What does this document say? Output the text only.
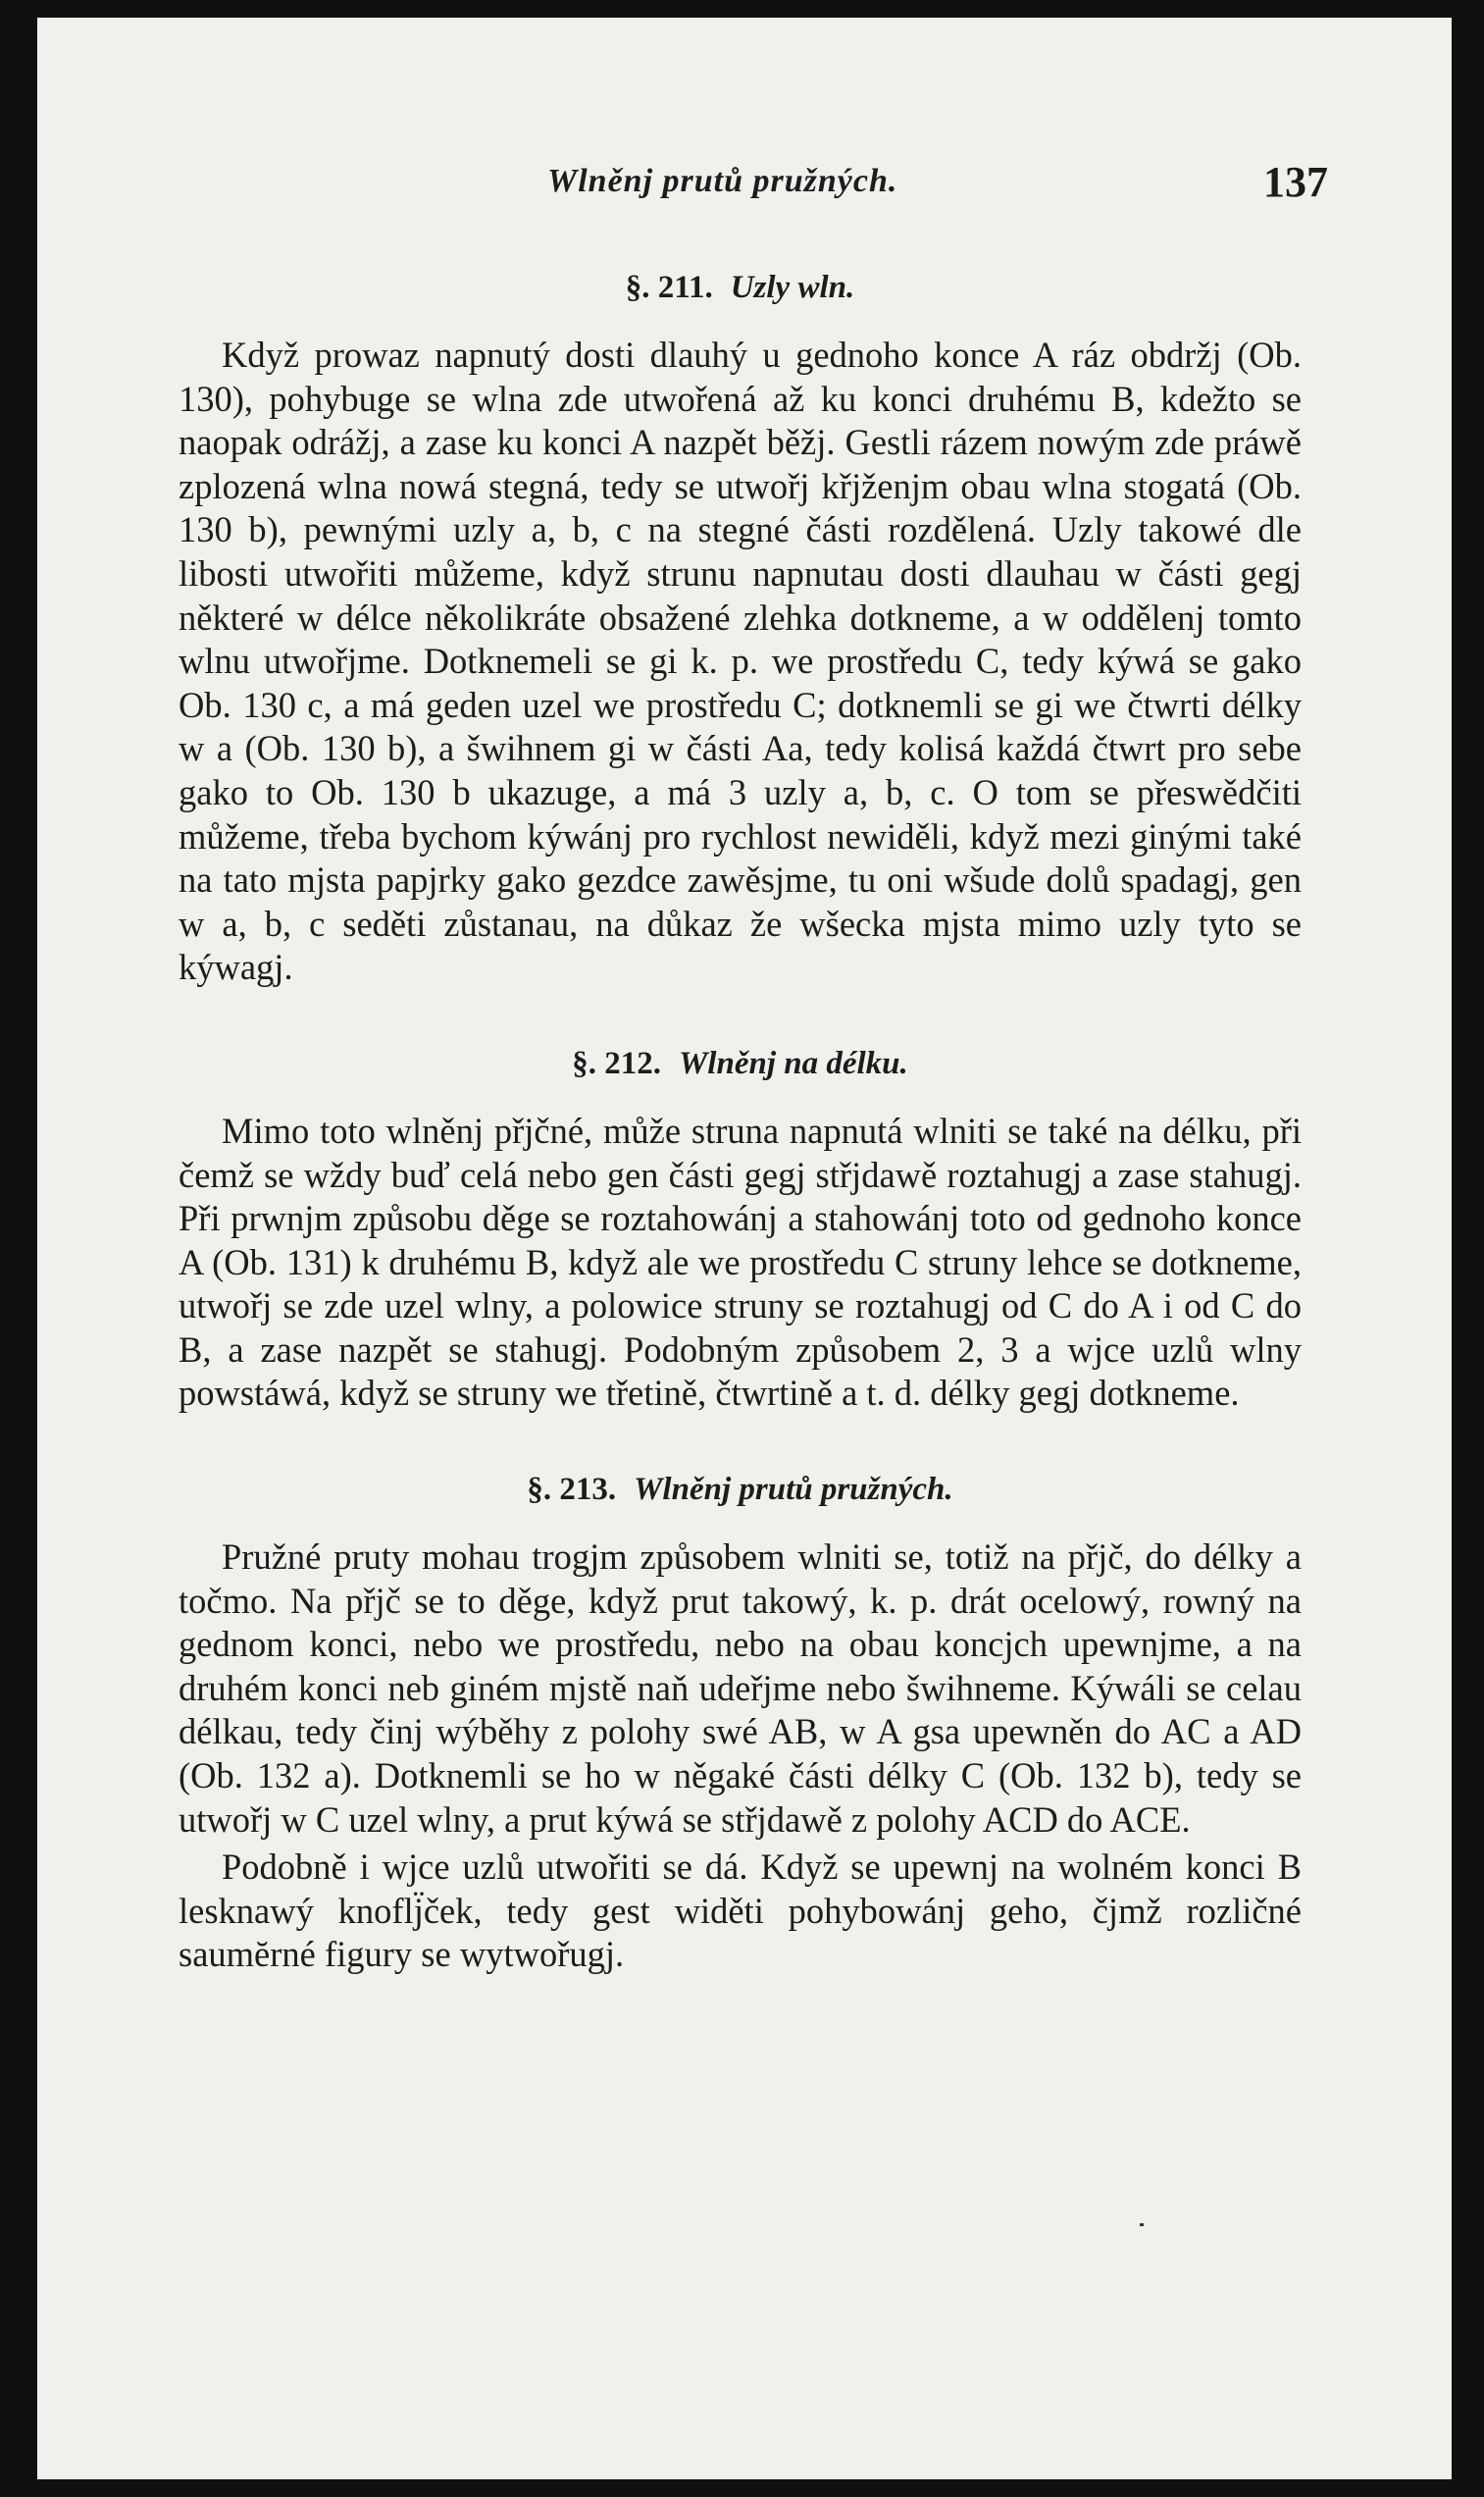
Wlněnj prutů pružných.	137
§. 211. Uzly wln.

Když prowaz napnutý dosti dlauhý u gednoho konce A ráz obdržj (Ob. 130), pohybuge se wlna zde utwořená až ku konci druhému B, kdežto se naopak odrážj, a zase ku konci A nazpět běžj. Gestli rázem nowým zde práwě zplozená wlna nowá stegná, tedy se utwořj křjženjm obau wlna stogatá (Ob. 130 b), pewnými uzly a, b, c na stegné části rozdělená. Uzly takowé dle libosti utwořiti můžeme, když strunu napnutau dosti dlauhau w části gegj některé w délce několikráte obsažené zlehka dotkneme, a w oddělenj tomto wlnu utwořjme. Dotknemeli se gi k. p. we prostředu C, tedy kýwá se gako Ob. 130 c, a má geden uzel we prostředu C; dotknemli se gi we čtwrti délky w a (Ob. 130 b), a šwihnem gi w části Aa, tedy kolisá každá čtwrt pro sebe gako to Ob. 130 b ukazuge, a má 3 uzly a, b, c. O tom se přeswědčiti můžeme, třeba bychom kýwánj pro rychlost newiděli, když mezi ginými také na tato mjsta papjrky gako gezdce zawěsjme, tu oni wšude dolů spadagj, gen w a, b, c seděti zůstanau, na důkaz že wšecka mjsta mimo uzly tyto se kýwagj.

§. 212. Wlněnj na délku.

Mimo toto wlněnj přjčné, může struna napnutá wlniti se také na délku, při čemž se wždy buď celá nebo gen části gegj střjdawě roztahugj a zase stahugj. Při prwnjm způsobu děge se roztahowánj a stahowánj toto od gednoho konce A (Ob. 131) k druhému B, když ale we prostředu C struny lehce se dotkneme, utwořj se zde uzel wlny, a polowice struny se roztahugj od C do A i od C do B, a zase nazpět se stahugj. Podobným způsobem 2, 3 a wjce uzlů wlny powstáwá, když se struny we třetině, čtwrtině a t. d. délky gegj dotkneme.

§. 213. Wlněnj prutů pružných.

Pružné pruty mohau trogjm způsobem wlniti se, totiž na přjč, do délky a točmo. Na přjč se to děge, když prut takowý, k. p. drát ocelowý, rowný na gednom konci, nebo we prostředu, nebo na obau koncjch upewnjme, a na druhém konci neb giném mjstě naň udeřjme nebo šwihneme. Kýwáli se celau délkau, tedy činj wýběhy z polohy swé AB, w A gsa upewněn do AC a AD (Ob. 132 a). Dotknemli se ho w něgaké části délky C (Ob. 132 b), tedy se utwořj w C uzel wlny, a prut kýwá se střjdawě z polohy ACD do ACE.

Podobně i wjce uzlů utwořiti se dá. Když se upewnj na wolném konci B lesknawý knoflj̈ček, tedy gest widěti pohybowánj geho, čjmž rozličné saumĕrné figury se wytwořugj.
